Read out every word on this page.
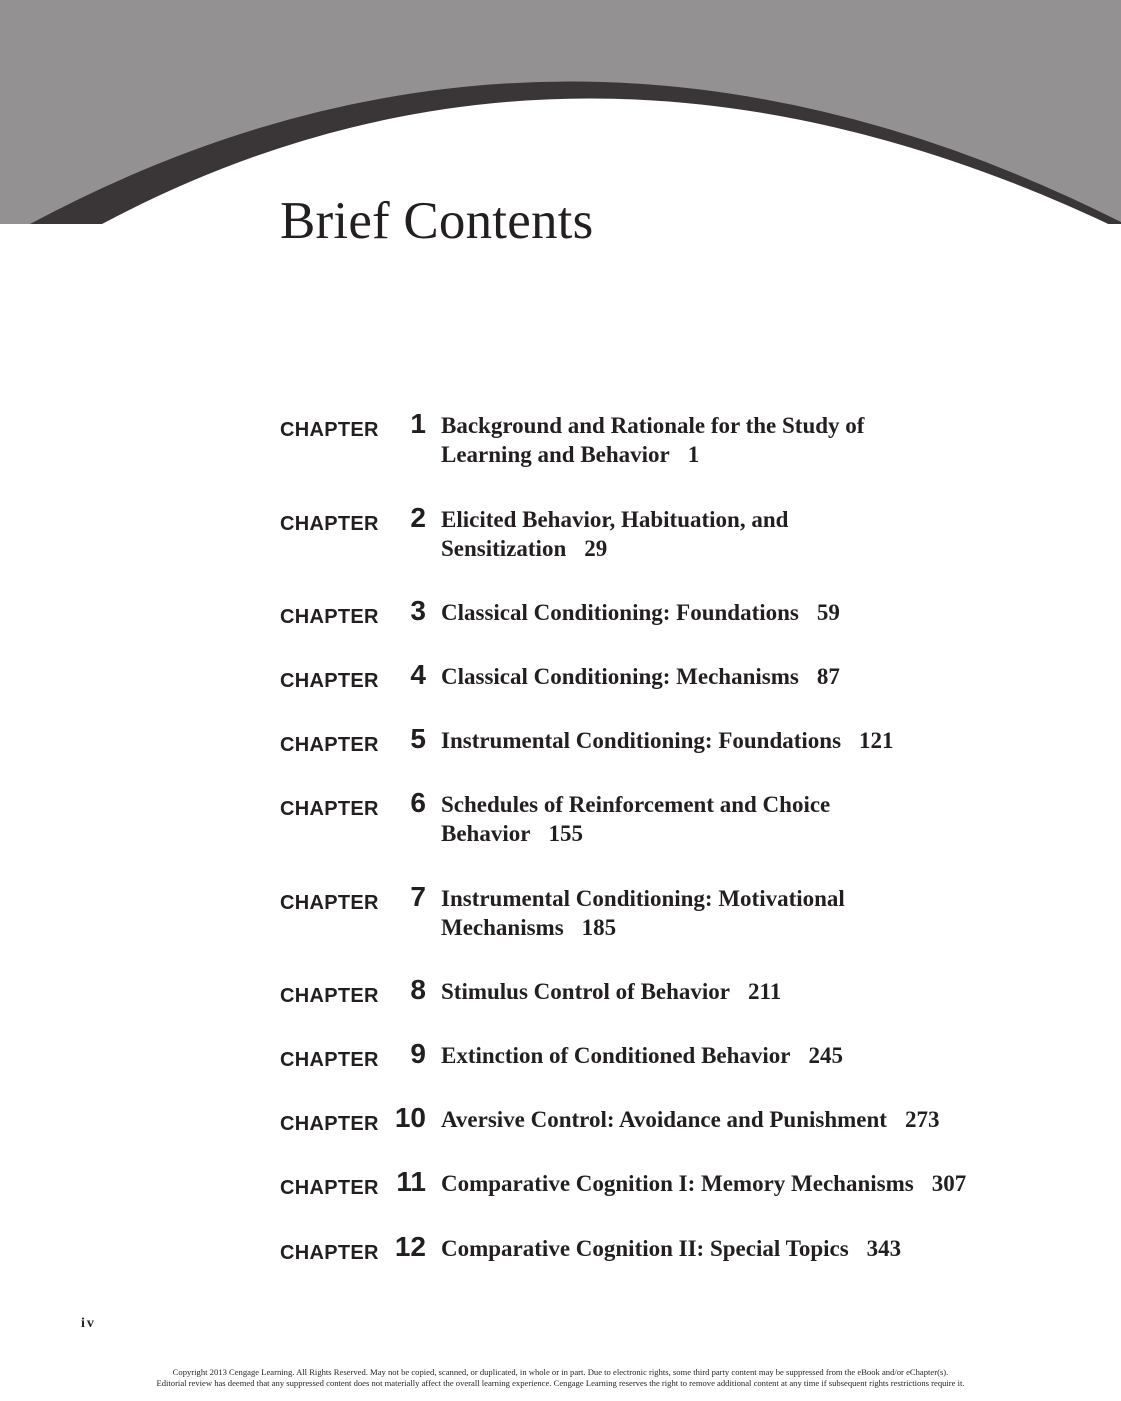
Brief Contents
CHAPTER 1 Background and Rationale for the Study of
Learning and Behavior 1
CHAPTER 2 Elicited Behavior, Habituation, and
Sensitization 29
CHAPTER 3 Classical Conditioning: Foundations 59
CHAPTER 4 Classical Conditioning: Mechanisms 87
CHAPTER 5 Instrumental Conditioning: Foundations 121
CHAPTER 6 Schedules of Reinforcement and Choice
Behavior 155
CHAPTER 7 Instrumental Conditioning: Motivational
Mechanisms 185
CHAPTER 8 Stimulus Control of Behavior 211
CHAPTER 9 Extinction of Conditioned Behavior 245
CHAPTER 10 Aversive Control: Avoidance and Punishment 273
CHAPTER 11 Comparative Cognition I: Memory Mechanisms 307
CHAPTER 12 Comparative Cognition II: Special Topics 343
iv
Copyright 2013 Cengage Learning. All Rights Reserved. May not be copied, scanned, or duplicated, in whole or in part. Due to electronic rights, some third party content may be suppressed from the eBook and/or eChapter(s).
Editorial review has deemed that any suppressed content does not materially affect the overall learning experience. Cengage Learning reserves the right to remove additional content at any time if subsequent rights restrictions require it.
